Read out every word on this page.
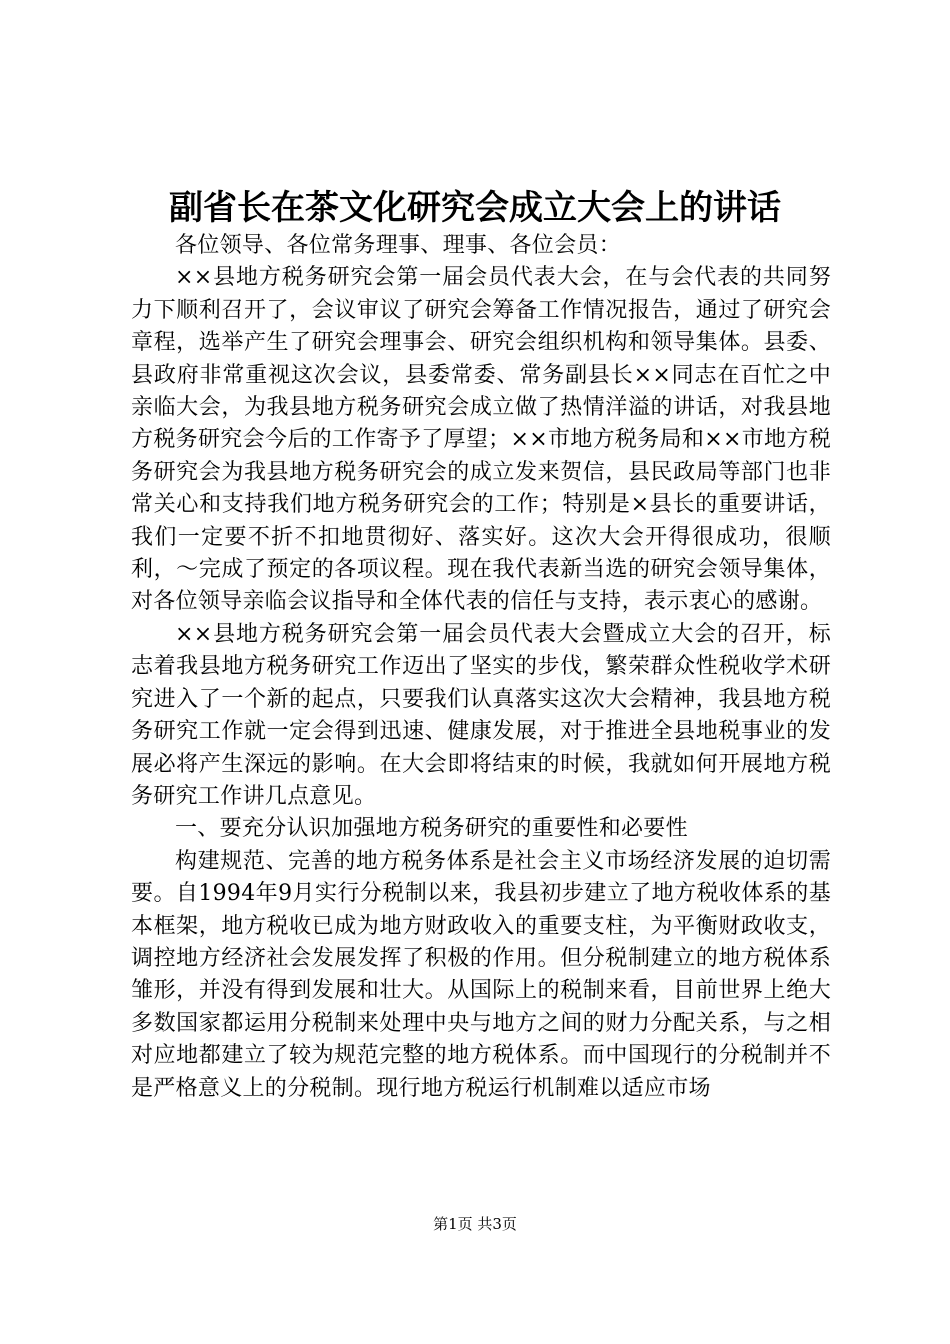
副省长在茶文化研究会成立大会上的讲话

各位领导、各位常务理事、理事、各位会员：

××县地方税务研究会第一届会员代表大会，在与会代表的共同努力下顺利召开了，会议审议了研究会筹备工作情况报告，通过了研究会章程，选举产生了研究会理事会、研究会组织机构和领导集体。县委、县政府非常重视这次会议，县委常委、常务副县长××同志在百忙之中亲临大会，为我县地方税务研究会成立做了热情洋溢的讲话，对我县地方税务研究会今后的工作寄予了厚望；××市地方税务局和××市地方税务研究会为我县地方税务研究会的成立发来贺信，县民政局等部门也非常关心和支持我们地方税务研究会的工作；特别是×县长的重要讲话，我们一定要不折不扣地贯彻好、落实好。这次大会开得很成功，很顺利，～完成了预定的各项议程。现在我代表新当选的研究会领导集体，对各位领导亲临会议指导和全体代表的信任与支持，表示衷心的感谢。

××县地方税务研究会第一届会员代表大会暨成立大会的召开，标志着我县地方税务研究工作迈出了坚实的步伐，繁荣群众性税收学术研究进入了一个新的起点，只要我们认真落实这次大会精神，我县地方税务研究工作就一定会得到迅速、健康发展，对于推进全县地税事业的发展必将产生深远的影响。在大会即将结束的时候，我就如何开展地方税务研究工作讲几点意见。

一、要充分认识加强地方税务研究的重要性和必要性

构建规范、完善的地方税务体系是社会主义市场经济发展的迫切需要。自1994年9月实行分税制以来，我县初步建立了地方税收体系的基本框架，地方税收已成为地方财政收入的重要支柱，为平衡财政收支，调控地方经济社会发展发挥了积极的作用。但分税制建立的地方税体系雏形，并没有得到发展和壮大。从国际上的税制来看，目前世界上绝大多数国家都运用分税制来处理中央与地方之间的财力分配关系，与之相对应地都建立了较为规范完整的地方税体系。而中国现行的分税制并不是严格意义上的分税制。现行地方税运行机制难以适应市场

第1页 共3页
